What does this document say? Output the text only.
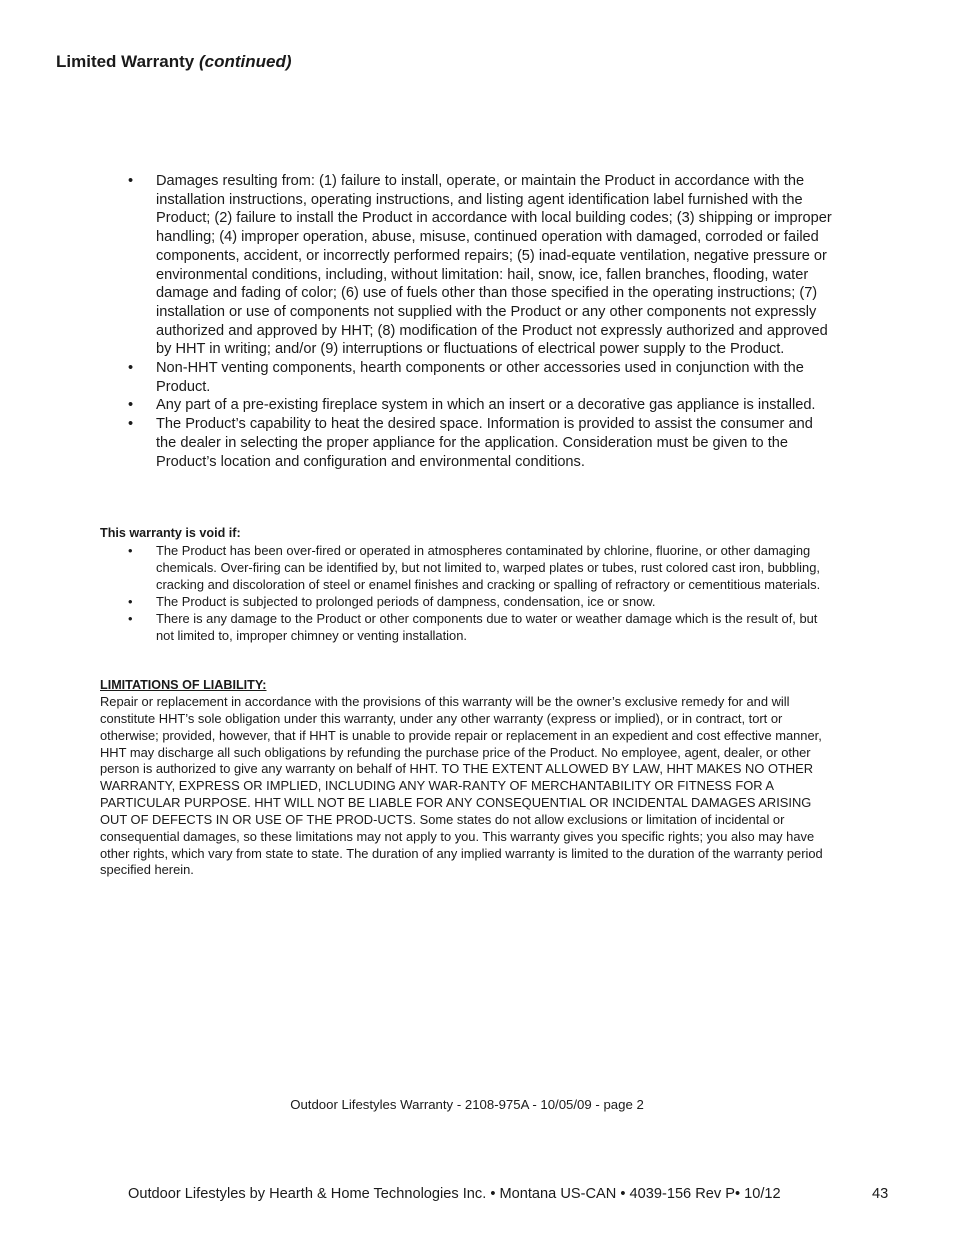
Limited Warranty (continued)
• Damages resulting from: (1) failure to install, operate, or maintain the Product in accordance with the installation instructions, operating instructions, and listing agent identification label furnished with the Product; (2) failure to install the Product in accordance with local building codes; (3) shipping or improper handling; (4) improper operation, abuse, misuse, continued operation with damaged, corroded or failed components, accident, or incorrectly performed repairs; (5) inad-equate ventilation, negative pressure or environmental conditions, including, without limitation: hail, snow, ice, fallen branches, flooding, water damage and fading of color; (6) use of fuels other than those specified in the operating instructions; (7) installation or use of components not supplied with the Product or any other components not expressly authorized and approved by HHT; (8) modification of the Product not expressly authorized and approved by HHT in writing; and/or (9) interruptions or fluctuations of electrical power supply to the Product.
• Non-HHT venting components, hearth components or other accessories used in conjunction with the Product.
• Any part of a pre-existing fireplace system in which an insert or a decorative gas appliance is installed.
• The Product’s capability to heat the desired space. Information is provided to assist the consumer and the dealer in selecting the proper appliance for the application. Consideration must be given to the Product’s location and configuration and environmental conditions.
This warranty is void if:
• The Product has been over-fired or operated in atmospheres contaminated by chlorine, fluorine, or other damaging chemicals. Over-firing can be identified by, but not limited to, warped plates or tubes, rust colored cast iron, bubbling, cracking and discoloration of steel or enamel finishes and cracking or spalling of refractory or cementitious materials.
• The Product is subjected to prolonged periods of dampness, condensation, ice or snow.
• There is any damage to the Product or other components due to water or weather damage which is the result of, but not limited to, improper chimney or venting installation.
LIMITATIONS OF LIABILITY:

Repair or replacement in accordance with the provisions of this warranty will be the owner’s exclusive remedy for and will constitute HHT’s sole obligation under this warranty, under any other warranty (express or implied), or in contract, tort or otherwise; provided, however, that if HHT is unable to provide repair or replacement in an expedient and cost effective manner, HHT may discharge all such obligations by refunding the purchase price of the Product. No employee, agent, dealer, or other person is authorized to give any warranty on behalf of HHT. TO THE EXTENT ALLOWED BY LAW, HHT MAKES NO OTHER WARRANTY, EXPRESS OR IMPLIED, INCLUDING ANY WAR-RANTY OF MERCHANTABILITY OR FITNESS FOR A PARTICULAR PURPOSE. HHT WILL NOT BE LIABLE FOR ANY CONSEQUENTIAL OR INCIDENTAL DAMAGES ARISING OUT OF DEFECTS IN OR USE OF THE PROD-UCTS. Some states do not allow exclusions or limitation of incidental or consequential damages, so these limitations may not apply to you. This warranty gives you specific rights; you also may have other rights, which vary from state to state. The duration of any implied warranty is limited to the duration of the warranty period specified herein.

Outdoor Lifestyles Warranty - 2108-975A - 10/05/09 - page 2
Outdoor Lifestyles by Hearth & Home Technologies Inc. • Montana US-CAN • 4039-156 Rev P• 10/12	43
